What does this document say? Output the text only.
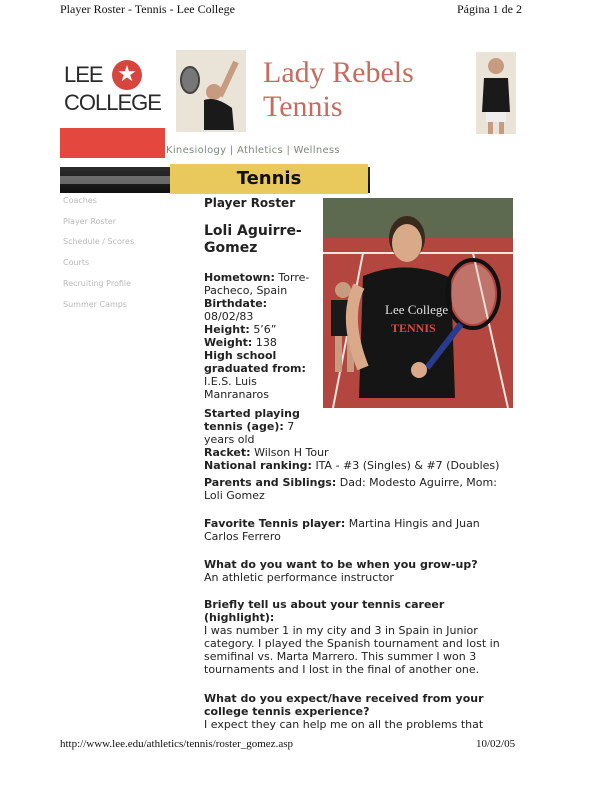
Player Roster - Tennis - Lee College	Página 1 de 2
LEE ★
COLLEGE
Lady Rebels
Tennis
Kinesiology | Athletics | Wellness
Tennis
Coaches
Player Roster
Schedule / Scores
Courts
Recruiting Profile
Summer Camps	Lee College
TENNIS
Player Roster
Loli Aguirre-
Gomez
Hometown: Torre-Pacheco, Spain
Birthdate:
08/02/83
Height: 5’6”
Weight: 138
High school graduated from:
I.E.S. Luis Manranaros
Started playing tennis (age): 7 years old
Racket: Wilson H Tour
National ranking: ITA - #3 (Singles) & #7 (Doubles)
Parents and Siblings: Dad: Modesto Aguirre, Mom: Loli Gomez
Favorite Tennis player: Martina Hingis and Juan Carlos Ferrero
What do you want to be when you grow-up?
An athletic performance instructor
Briefly tell us about your tennis career (highlight):
I was number 1 in my city and 3 in Spain in Junior category. I played the Spanish tournament and lost in semifinal vs. Marta Marrero. This summer I won 3 tournaments and I lost in the final of another one.
What do you expect/have received from your college tennis experience?
I expect they can help me on all the problems that
http://www.lee.edu/athletics/tennis/roster_gomez.asp	10/02/05
